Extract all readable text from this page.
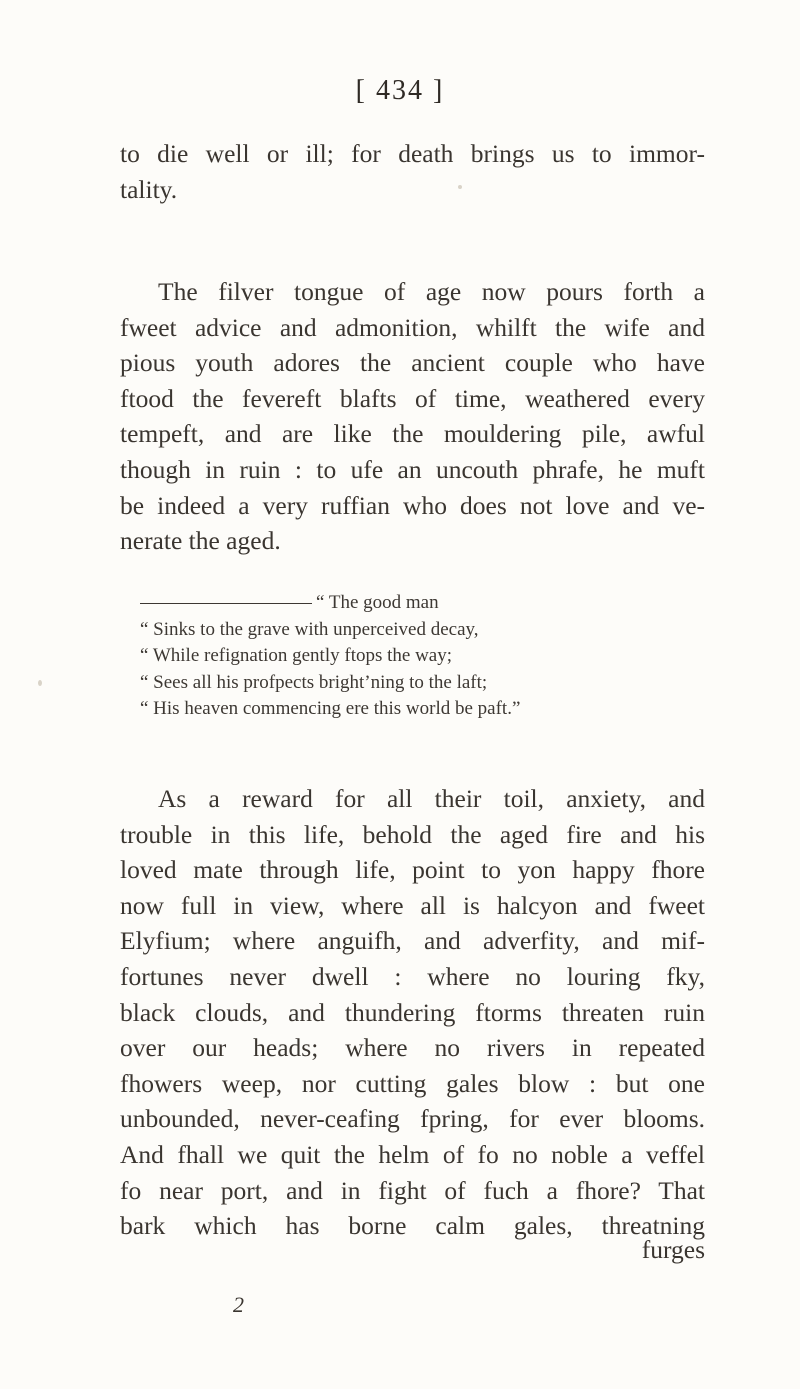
[ 434 ]
to die well or ill; for death brings us to immor-
tality.
The filver tongue of age now pours forth a
fweet advice and admonition, whilft the wife and
pious youth adores the ancient couple who have
ftood the fevereft blafts of time, weathered every
tempeft, and are like the mouldering pile, awful
though in ruin : to ufe an uncouth phrafe, he muft
be indeed a very ruffian who does not love and ve-
nerate the aged.
“ The good man
“ Sinks to the grave with unperceived decay,
“ While refignation gently ftops the way;
“ Sees all his profpects bright’ning to the laft;
“ His heaven commencing ere this world be paft.”
As a reward for all their toil, anxiety, and
trouble in this life, behold the aged fire and his
loved mate through life, point to yon happy fhore
now full in view, where all is halcyon and fweet
Elyfium; where anguifh, and adverfity, and mif-
fortunes never dwell : where no louring fky,
black clouds, and thundering ftorms threaten ruin
over our heads; where no rivers in repeated
fhowers weep, nor cutting gales blow : but one
unbounded, never-ceafing fpring, for ever blooms.
And fhall we quit the helm of fo no noble a veffel
fo near port, and in fight of fuch a fhore? That
bark which has borne calm gales, threatning
furges
2
